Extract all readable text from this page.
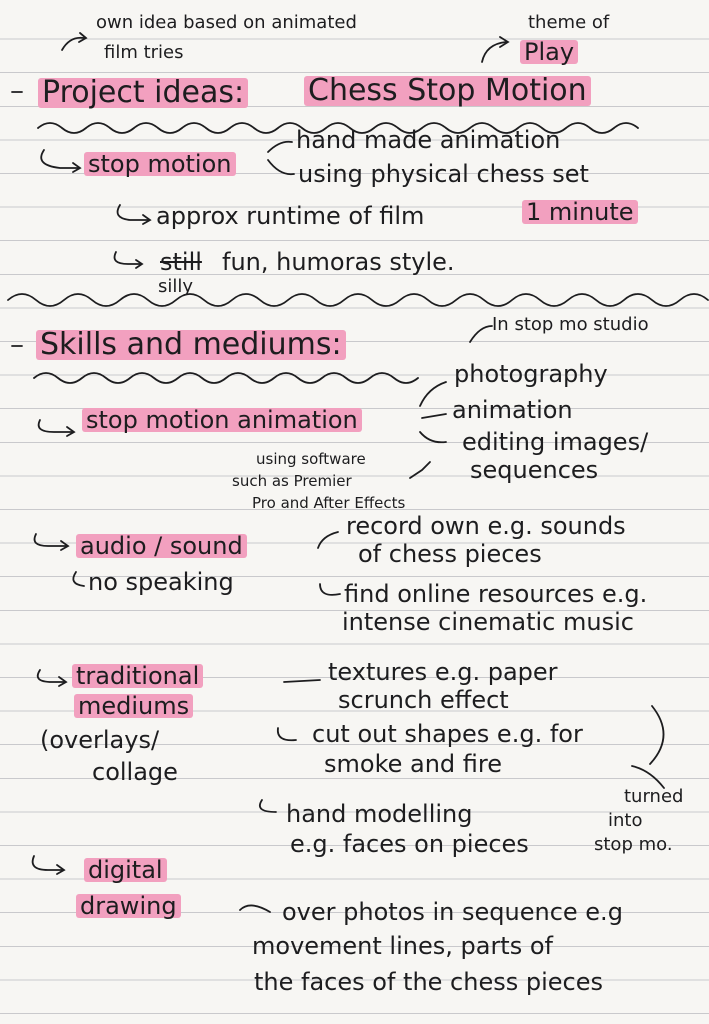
own idea based on animated
film tries
theme of
Play
Project ideas: Chess Stop Motion
stop motion
hand made animation
using physical chess set
approx runtime of film	1 minute
still fun, humoras style.
silly
Skills and mediums:
In stop mo studio
stop motion animation
photography
animation
editing images/
sequences
using software
such as Premier
Pro and After Effects
audio / sound
no speaking
record own e.g. sounds
of chess pieces
find online resources e.g.
intense cinematic music
traditional
mediums
(overlays/
collage
textures e.g. paper
scrunch effect
cut out shapes e.g. for
smoke and fire
hand modelling
e.g. faces on pieces
turned
into
stop mo.
digital
drawing	over photos in sequence e.g
movement lines, parts of
the faces of the chess pieces
